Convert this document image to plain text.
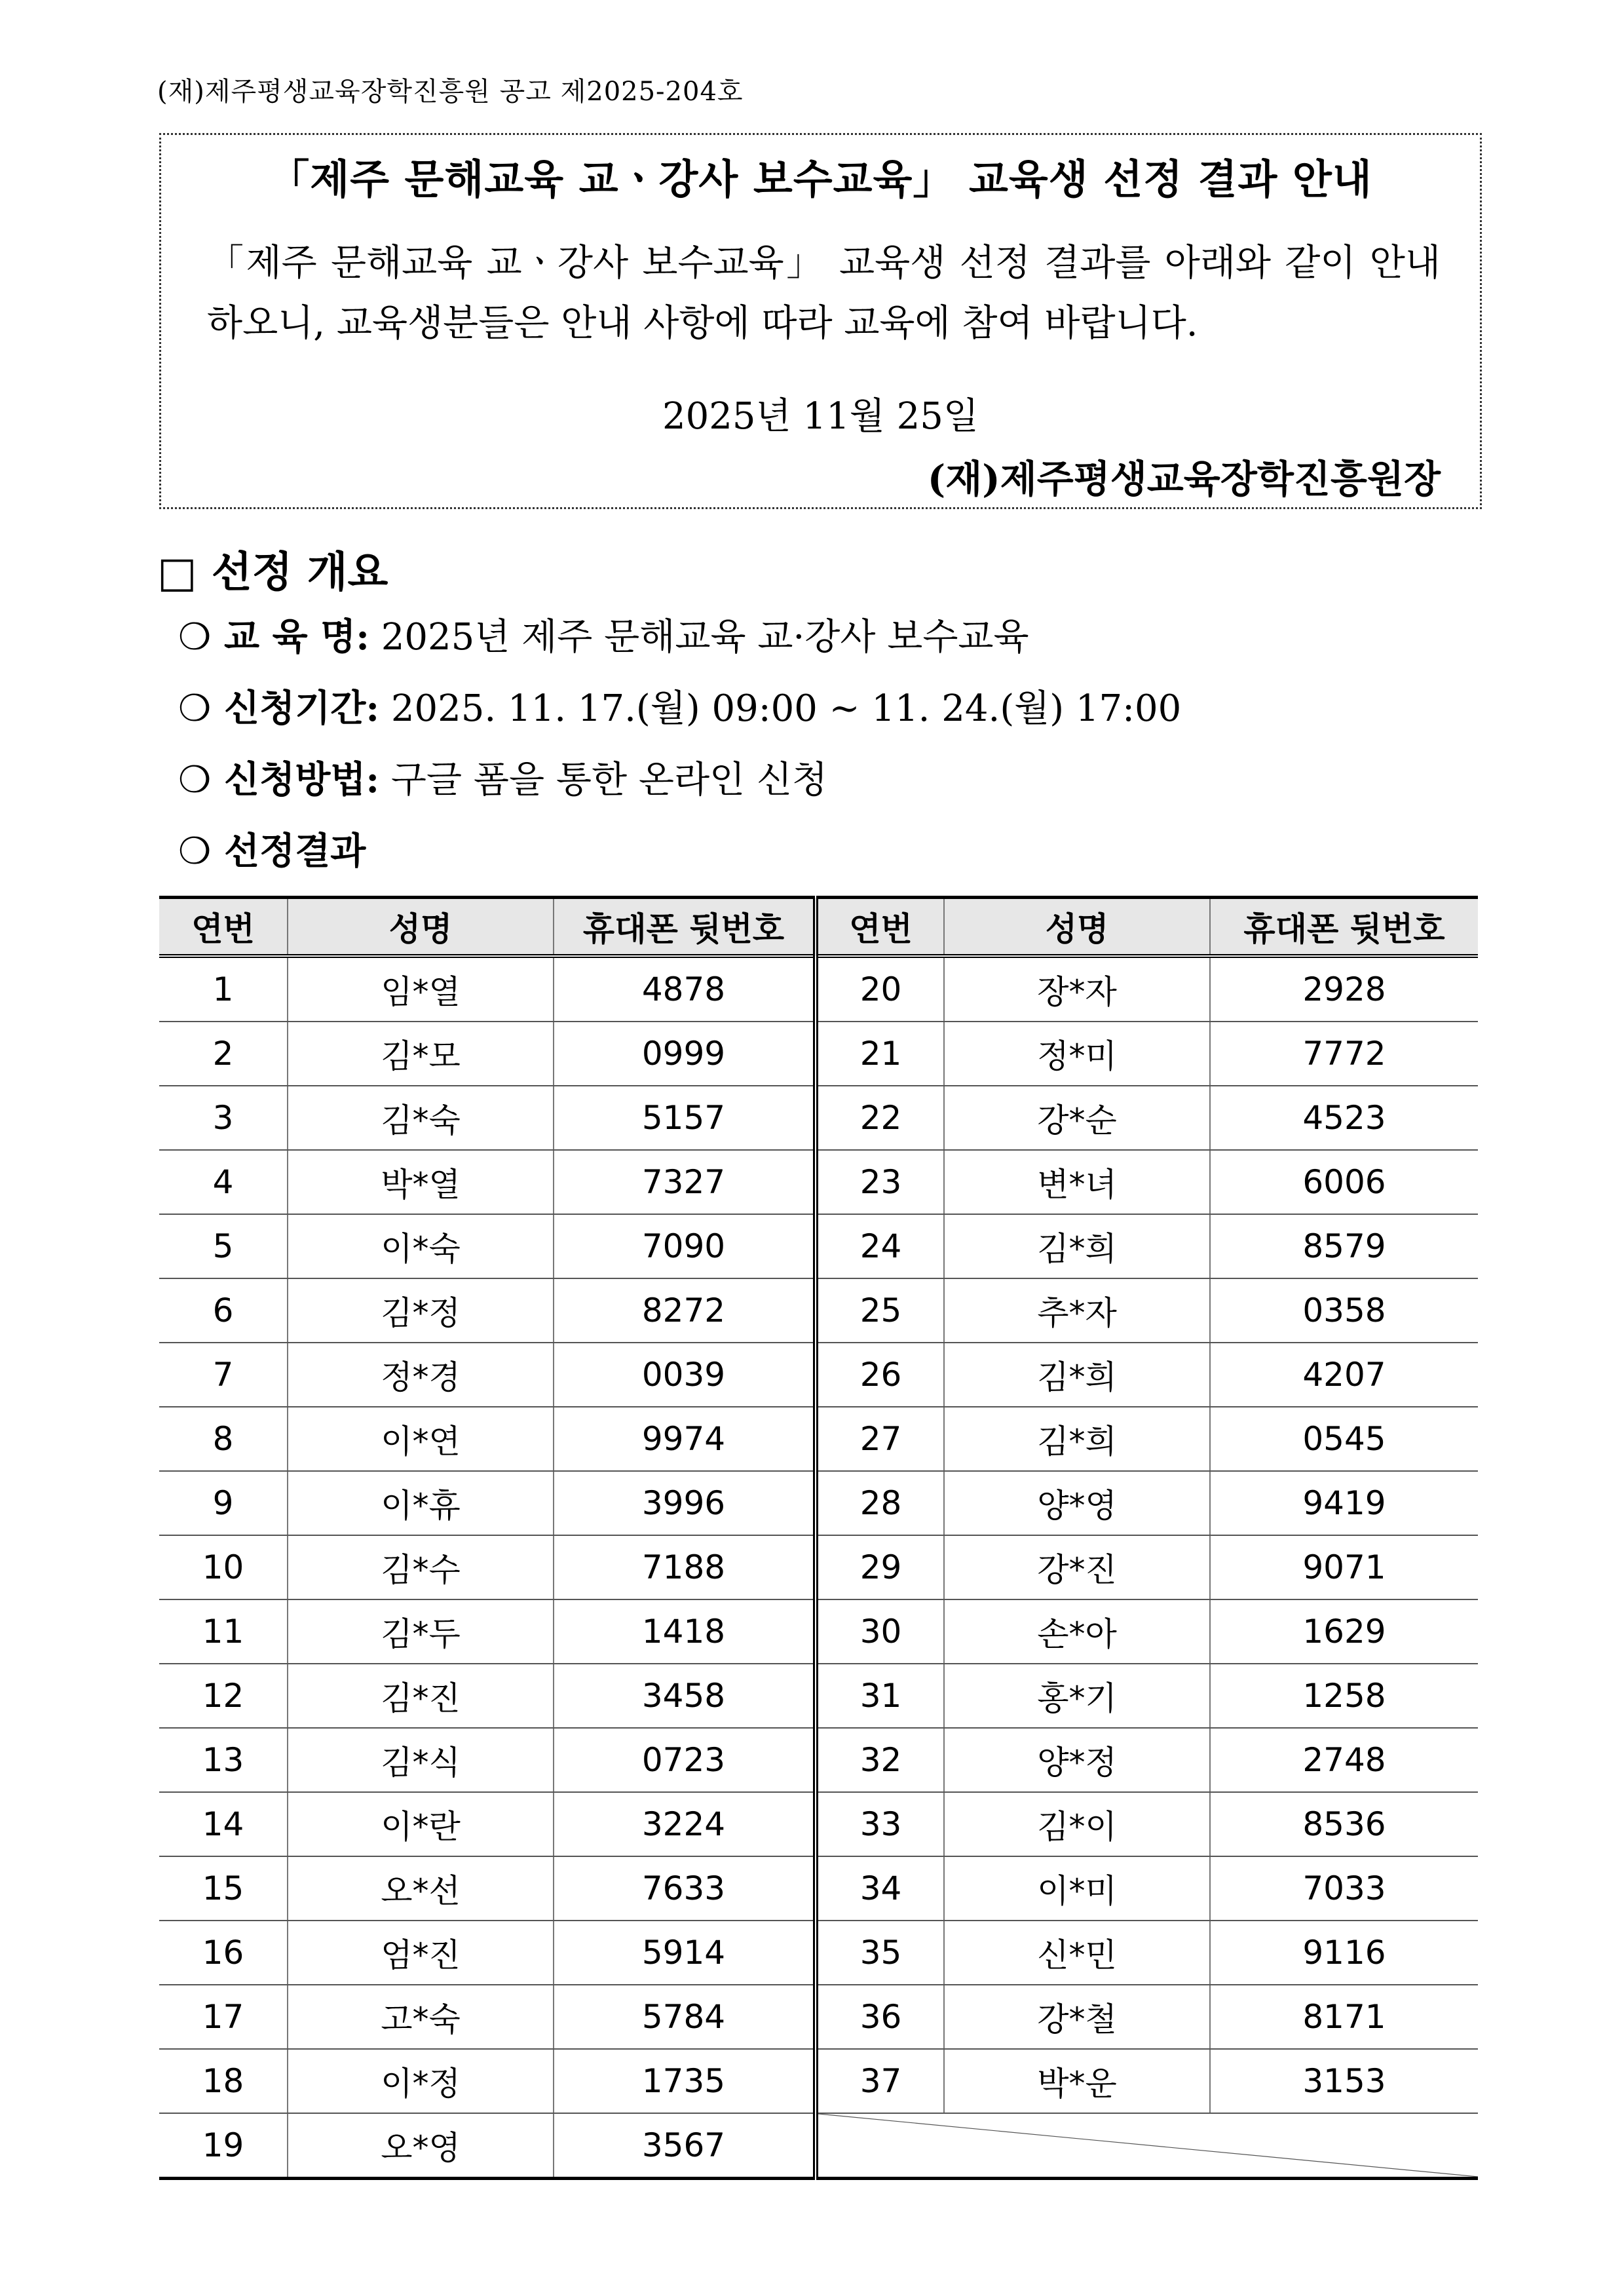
(재)제주평생교육장학진흥원 공고 제2025-204호
「제주 문해교육 교ㆍ강사 보수교육」 교육생 선정 결과 안내
「제주 문해교육 교ㆍ강사 보수교육」 교육생 선정 결과를 아래와 같이 안내하오니, 교육생분들은 안내 사항에 따라 교육에 참여 바랍니다.
2025년 11월 25일
(재)제주평생교육장학진흥원장
□ 선정 개요
❍ 교 육 명: 2025년 제주 문해교육 교·강사 보수교육
❍ 신청기간: 2025. 11. 17.(월) 09:00 ~ 11. 24.(월) 17:00
❍ 신청방법: 구글 폼을 통한 온라인 신청
❍ 선정결과
연번	성명	휴대폰 뒷번호	연번	성명	휴대폰 뒷번호
1	임*열	4878	20	장*자	2928
2	김*모	0999	21	정*미	7772
3	김*숙	5157	22	강*순	4523
4	박*열	7327	23	변*녀	6006
5	이*숙	7090	24	김*희	8579
6	김*정	8272	25	추*자	0358
7	정*경	0039	26	김*희	4207
8	이*연	9974	27	김*희	0545
9	이*휴	3996	28	양*영	9419
10	김*수	7188	29	강*진	9071
11	김*두	1418	30	손*아	1629
12	김*진	3458	31	홍*기	1258
13	김*식	0723	32	양*정	2748
14	이*란	3224	33	김*이	8536
15	오*선	7633	34	이*미	7033
16	엄*진	5914	35	신*민	9116
17	고*숙	5784	36	강*철	8171
18	이*정	1735	37	박*운	3153
19	오*영	3567	
